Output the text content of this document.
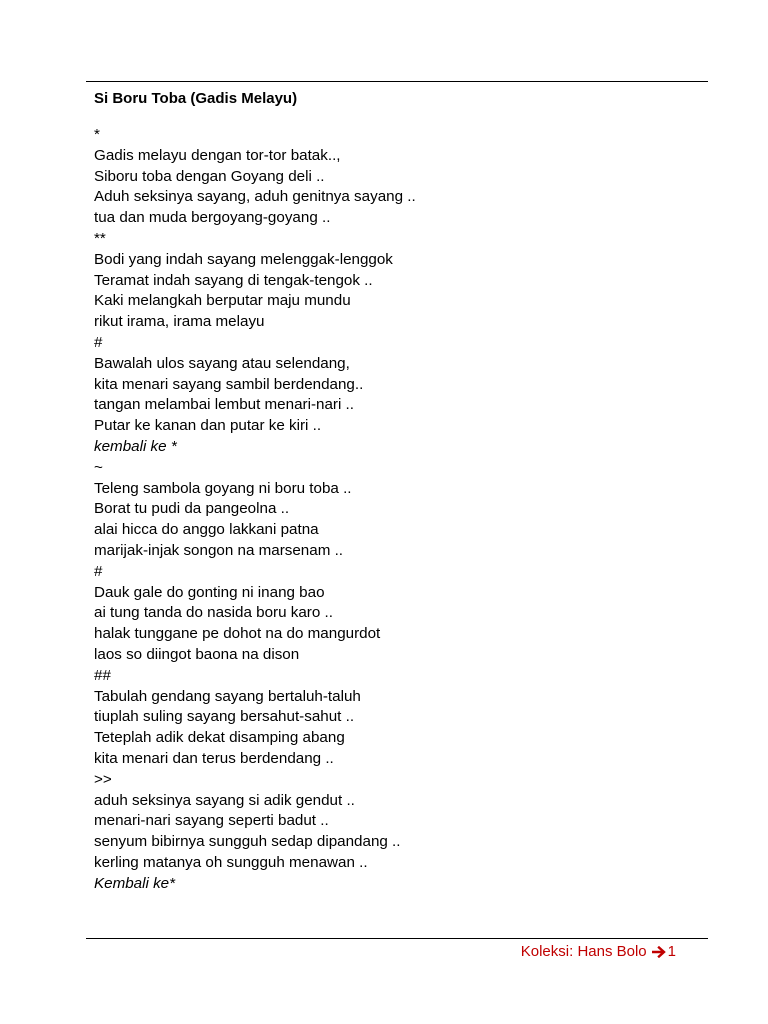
Si Boru Toba (Gadis Melayu)
*
Gadis melayu dengan tor-tor batak..,
Siboru toba dengan Goyang deli ..
Aduh seksinya sayang, aduh genitnya sayang ..
tua dan muda bergoyang-goyang ..
**
Bodi yang indah sayang melenggak-lenggok
Teramat indah sayang di tengak-tengok ..
Kaki melangkah berputar maju mundu
rikut irama, irama melayu
#
Bawalah ulos sayang atau selendang,
kita menari sayang sambil berdendang..
tangan melambai lembut menari-nari ..
Putar ke kanan dan putar ke kiri ..
kembali ke *
~
Teleng sambola goyang ni boru toba ..
Borat tu pudi da pangeolna ..
alai hicca do anggo lakkani patna
marijak-injak songon na marsenam ..
#
Dauk gale do gonting ni inang bao
ai tung tanda do nasida boru karo ..
halak tunggane pe dohot na do mangurdot
laos so diingot baona na dison
##
Tabulah gendang sayang bertaluh-taluh
tiuplah suling sayang bersahut-sahut ..
Teteplah adik dekat disamping abang
kita menari dan terus berdendang ..
>>
aduh seksinya sayang si adik gendut ..
menari-nari sayang seperti badut ..
senyum bibirnya sungguh sedap dipandang ..
kerling matanya oh sungguh menawan ..
Kembali ke*
Koleksi: Hans Bolo 1
